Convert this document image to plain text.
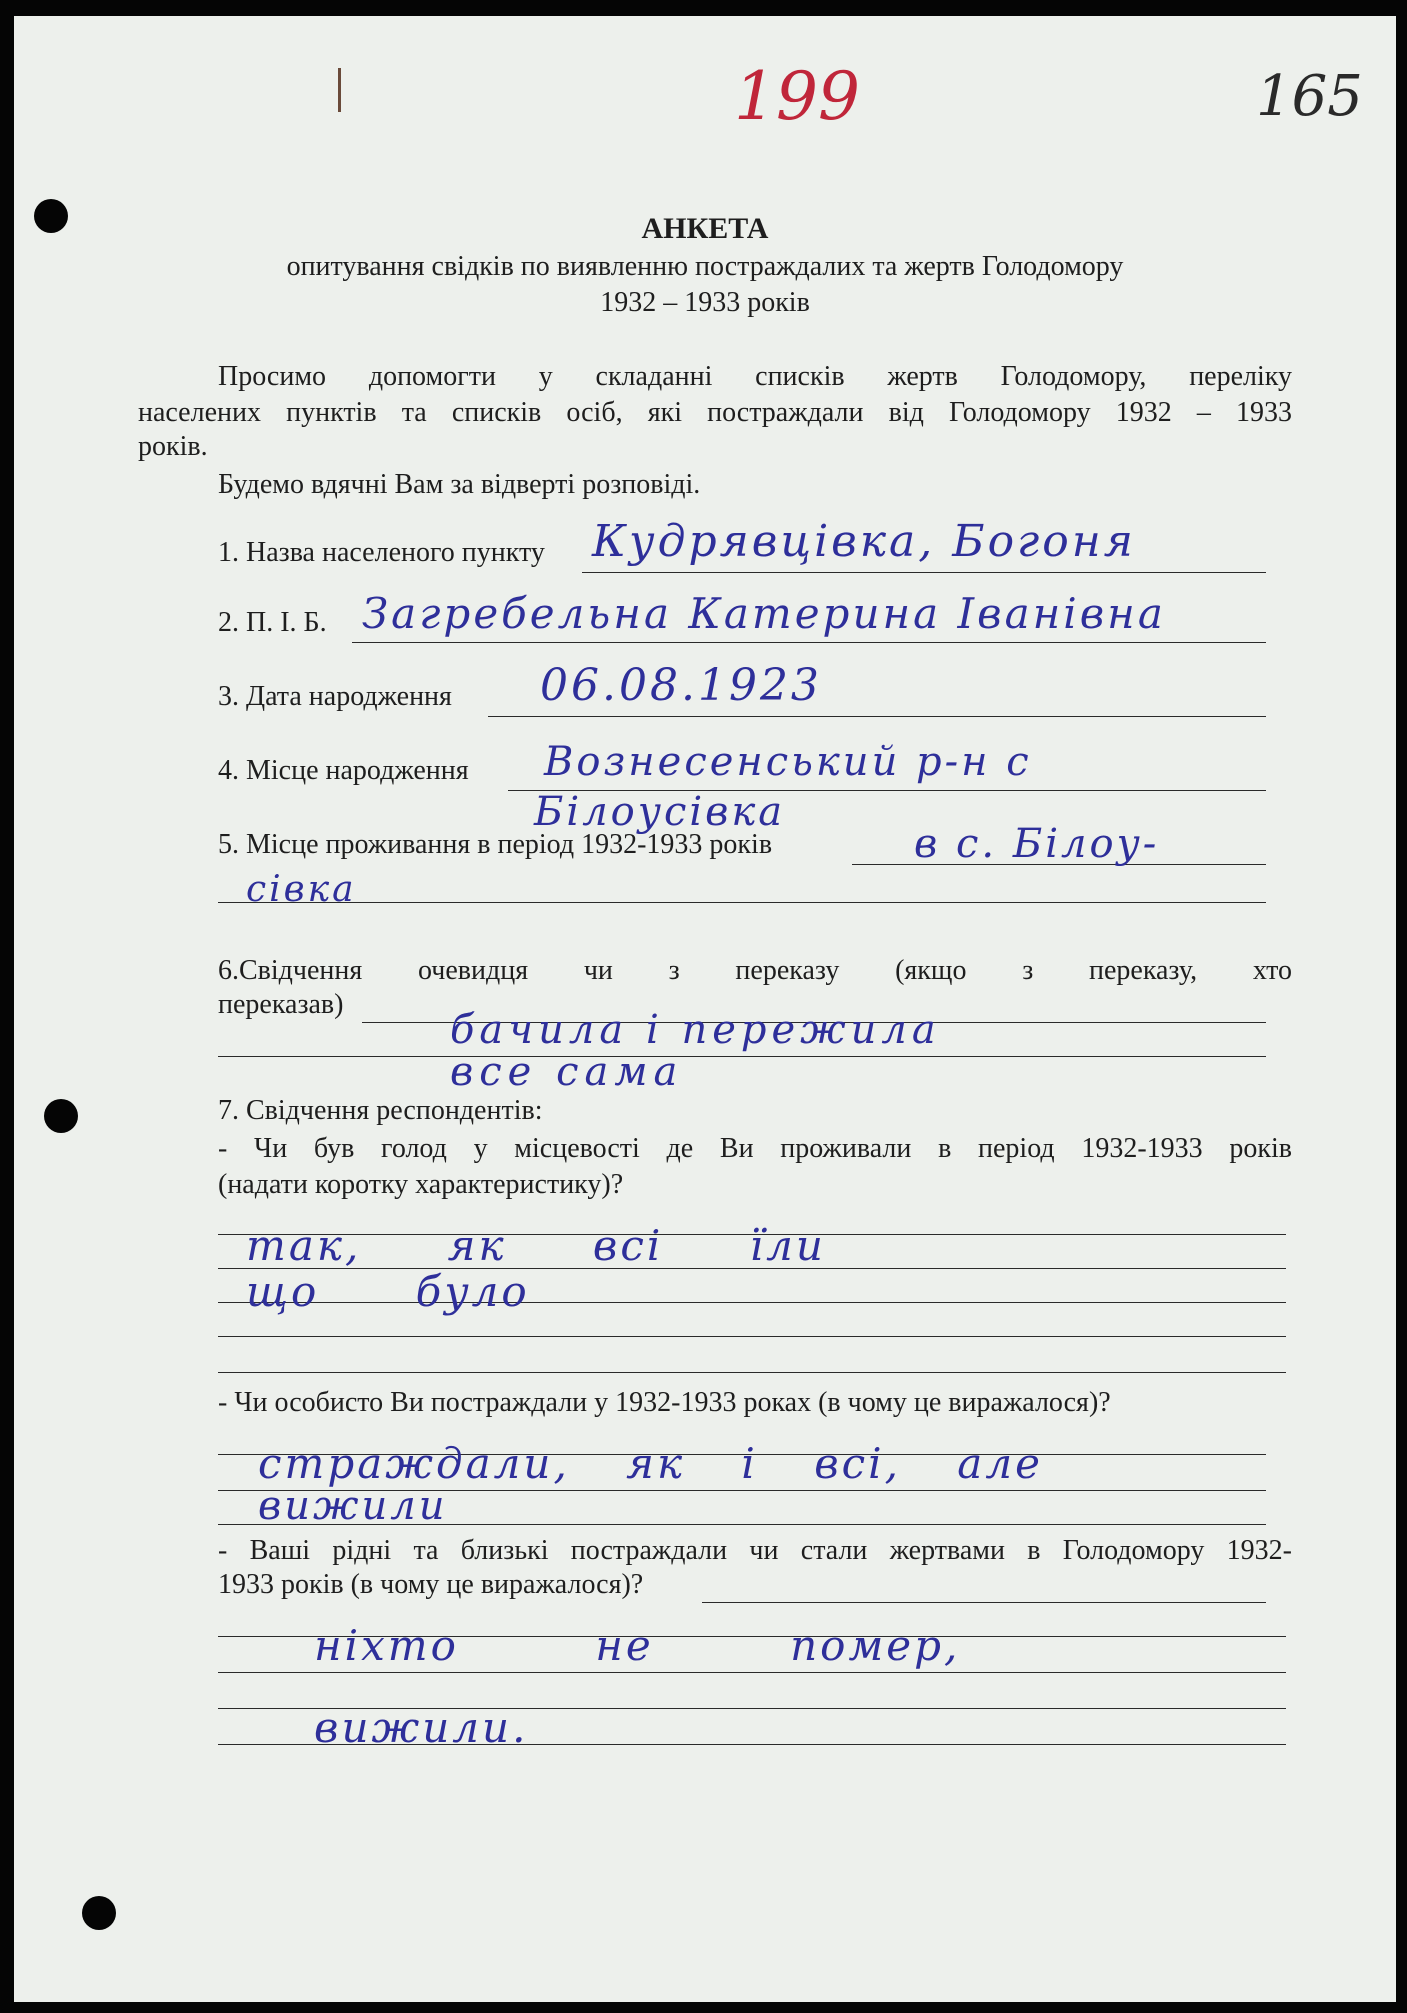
199	165
АНКЕТА
опитування свідків по виявленню постраждалих та жертв Голодомору
1932 – 1933 років
Просимо допомогти у складанні списків жертв Голодомору, переліку
населених пунктів та списків осіб, які постраждали від Голодомору 1932 – 1933
років.
Будемо вдячні Вам за відверті розповіді.
1. Назва населеного пункту Кудрявцівка, Богоня
2. П. І. Б. Загребельна Катерина Іванівна
3. Дата народження 06.08.1923
4. Місце народження Вознесенський р-н с
Білоусівка
5. Місце проживання в період 1932-1933 років	в с. Білоу-
сівка
6.Свідчення очевидця чи з переказу (якщо з переказу, хто
переказав)
бачила і пережила
все сама
7. Свідчення респондентів:
- Чи був голод у місцевості де Ви проживали в період 1932-1933 років
(надати коротку характеристику)?
так, як всі їли
що було
- Чи особисто Ви постраждали у 1932-1933 роках (в чому це виражалося)?
страждали, як і всі, але
вижили
- Ваші рідні та близькі постраждали чи стали жертвами в Голодомору 1932-
1933 років (в чому це виражалося)?
ніхто не помер,
вижили.
